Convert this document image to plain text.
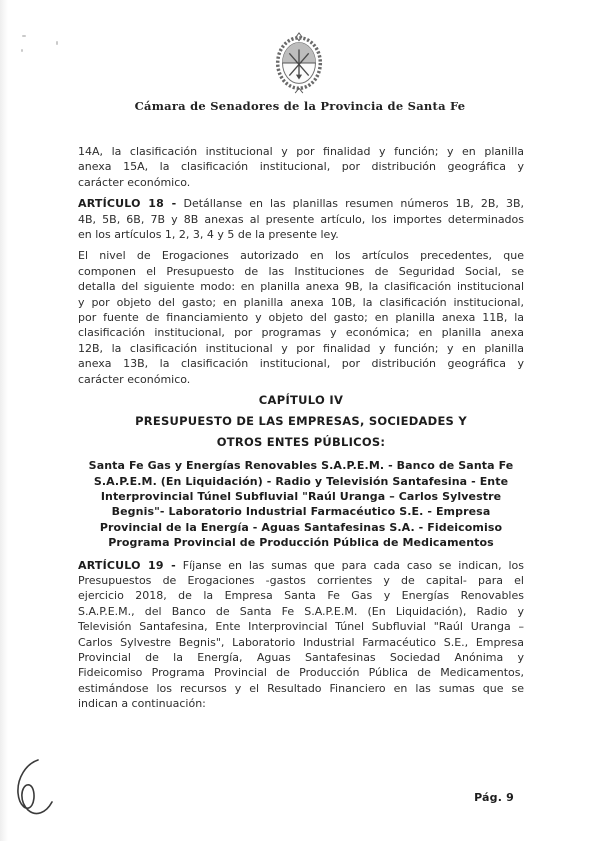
Cámara de Senadores de la Provincia de Santa Fe
14A, la clasificación institucional y por finalidad y función; y en planilla
anexa 15A, la clasificación institucional, por distribución geográfica y
carácter económico.
ARTÍCULO 18 - Detállanse en las planillas resumen números 1B, 2B, 3B,
4B, 5B, 6B, 7B y 8B anexas al presente artículo, los importes determinados
en los artículos 1, 2, 3, 4 y 5 de la presente ley.
El nivel de Erogaciones autorizado en los artículos precedentes, que
componen el Presupuesto de las Instituciones de Seguridad Social, se
detalla del siguiente modo: en planilla anexa 9B, la clasificación institucional
y por objeto del gasto; en planilla anexa 10B, la clasificación institucional,
por fuente de financiamiento y objeto del gasto; en planilla anexa 11B, la
clasificación institucional, por programas y económica; en planilla anexa
12B, la clasificación institucional y por finalidad y función; y en planilla
anexa 13B, la clasificación institucional, por distribución geográfica y
carácter económico.
CAPÍTULO IV
PRESUPUESTO DE LAS EMPRESAS, SOCIEDADES Y
OTROS ENTES PÚBLICOS:
Santa Fe Gas y Energías Renovables S.A.P.E.M. - Banco de Santa Fe
S.A.P.E.M. (En Liquidación) - Radio y Televisión Santafesina - Ente
Interprovincial Túnel Subfluvial "Raúl Uranga – Carlos Sylvestre
Begnis"- Laboratorio Industrial Farmacéutico S.E. - Empresa
Provincial de la Energía - Aguas Santafesinas S.A. - Fideicomiso
Programa Provincial de Producción Pública de Medicamentos
ARTÍCULO 19 - Fíjanse en las sumas que para cada caso se indican, los
Presupuestos de Erogaciones -gastos corrientes y de capital- para el
ejercicio 2018, de la Empresa Santa Fe Gas y Energías Renovables
S.A.P.E.M., del Banco de Santa Fe S.A.P.E.M. (En Liquidación), Radio y
Televisión Santafesina, Ente Interprovincial Túnel Subfluvial "Raúl Uranga –
Carlos Sylvestre Begnis", Laboratorio Industrial Farmacéutico S.E., Empresa
Provincial de la Energía, Aguas Santafesinas Sociedad Anónima y
Fideicomiso Programa Provincial de Producción Pública de Medicamentos,
estimándose los recursos y el Resultado Financiero en las sumas que se
indican a continuación:
Pág. 9
